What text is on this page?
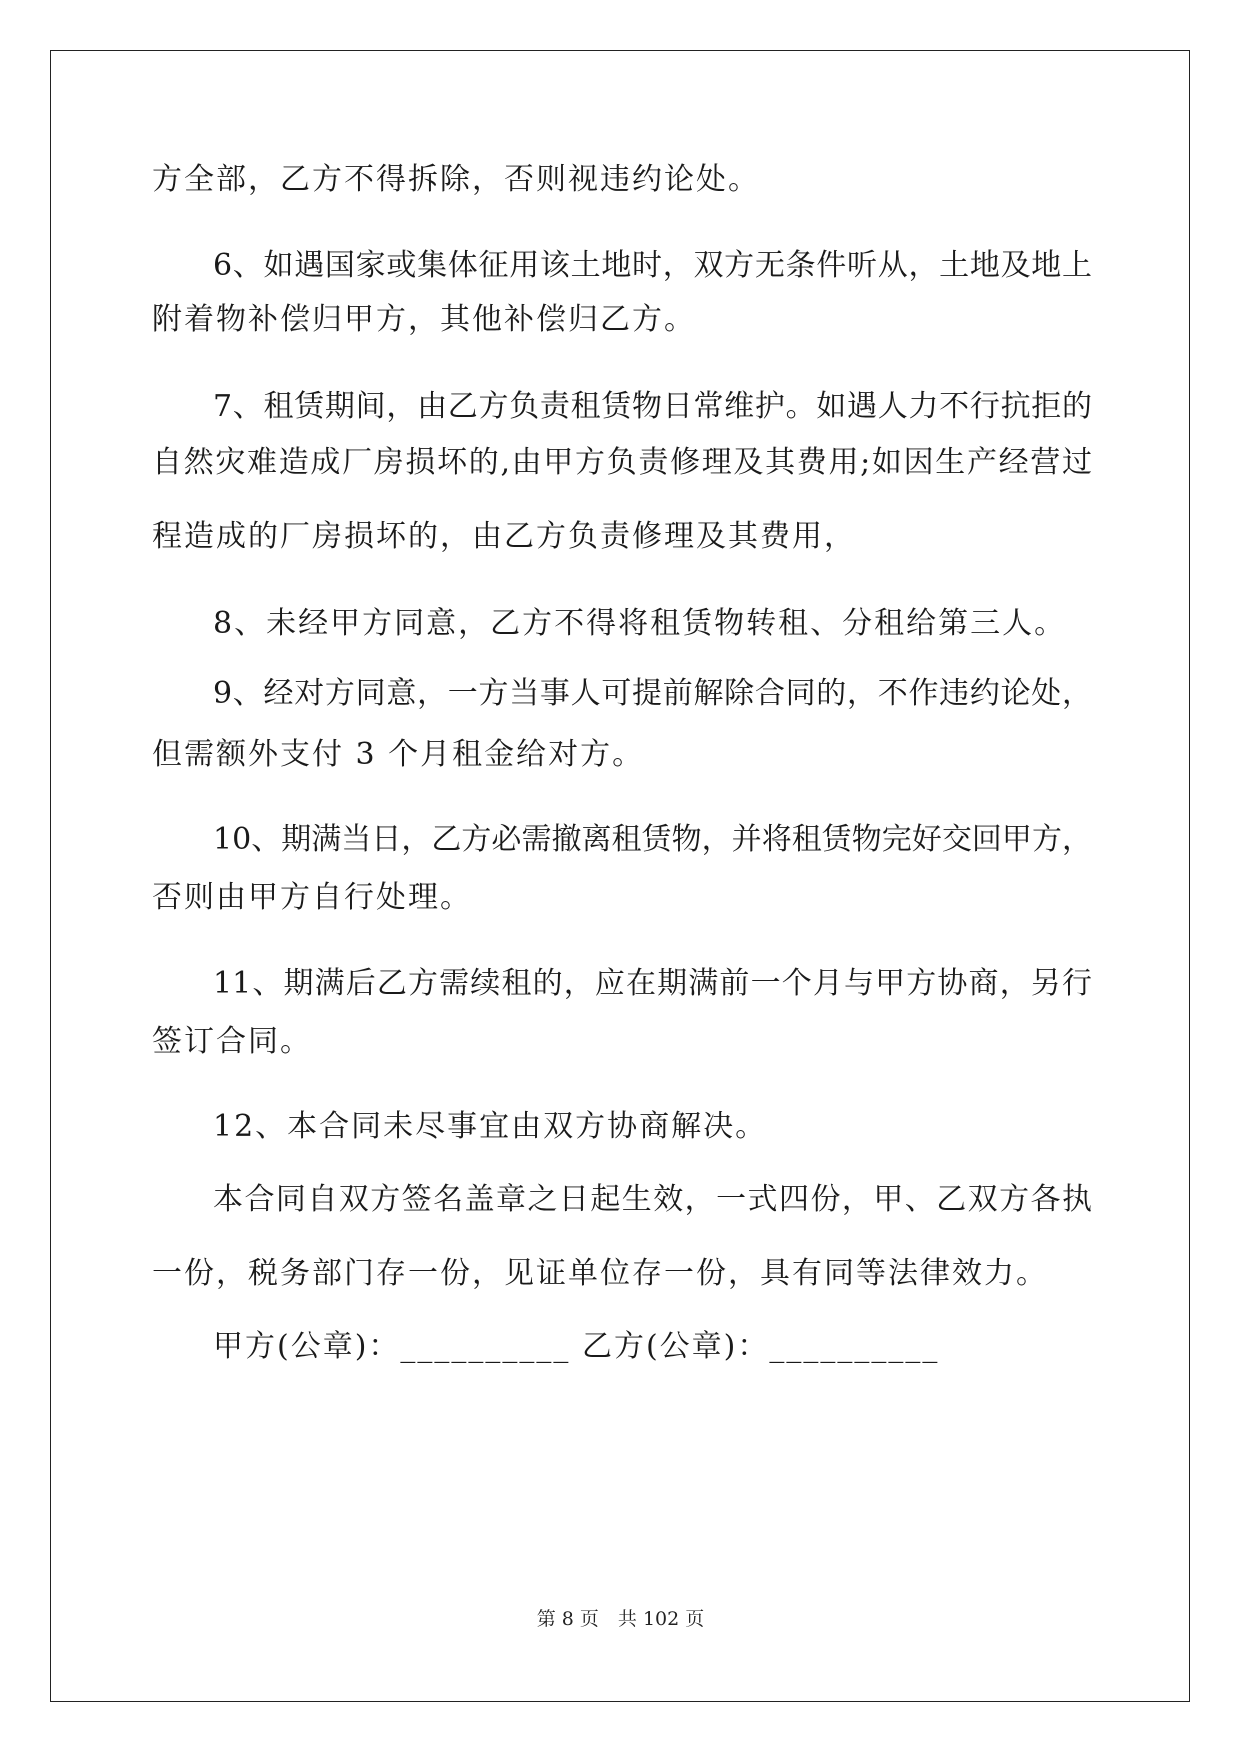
方全部，乙方不得拆除，否则视违约论处。
6、如遇国家或集体征用该土地时，双方无条件听从，土地及地上
附着物补偿归甲方，其他补偿归乙方。
7、租赁期间，由乙方负责租赁物日常维护。如遇人力不行抗拒的
自然灾难造成厂房损坏的,由甲方负责修理及其费用;如因生产经营过
程造成的厂房损坏的，由乙方负责修理及其费用，
8、未经甲方同意，乙方不得将租赁物转租、分租给第三人。
9、经对方同意，一方当事人可提前解除合同的，不作违约论处，
但需额外支付 3 个月租金给对方。
10、期满当日，乙方必需撤离租赁物，并将租赁物完好交回甲方，
否则由甲方自行处理。
11、期满后乙方需续租的，应在期满前一个月与甲方协商，另行
签订合同。
12、本合同未尽事宜由双方协商解决。
本合同自双方签名盖章之日起生效，一式四份，甲、乙双方各执
一份，税务部门存一份，见证单位存一份，具有同等法律效力。
甲方(公章)：__________ 乙方(公章)：__________
第 8 页　共 102 页
